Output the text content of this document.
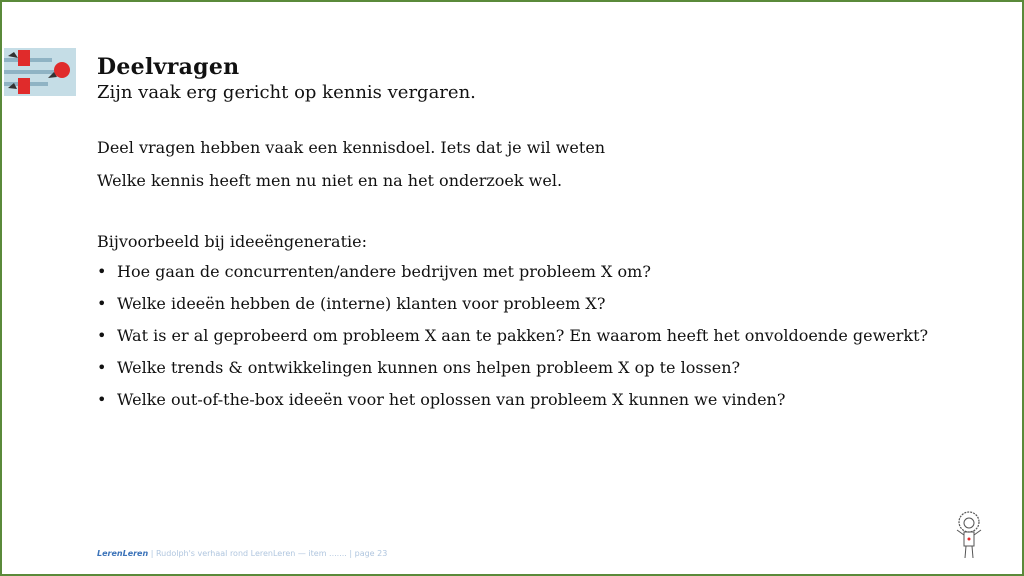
Deelvragen
Zijn vaak erg gericht op kennis vergaren.
Deel vragen hebben vaak een kennisdoel. Iets dat je wil weten
Welke kennis heeft men nu niet en na het onderzoek wel.
Bijvoorbeeld bij ideeëngeneratie:
• Hoe gaan de concurrenten/andere bedrijven met probleem X om?
• Welke ideeën hebben de (interne) klanten voor probleem X?
• Wat is er al geprobeerd om probleem X aan te pakken? En waarom heeft het onvoldoende gewerkt?
• Welke trends & ontwikkelingen kunnen ons helpen probleem X op te lossen?
• Welke out-of-the-box ideeën voor het oplossen van probleem X kunnen we vinden?
LerenLeren | Rudolph's verhaal rond LerenLeren — item ....... | page 23
